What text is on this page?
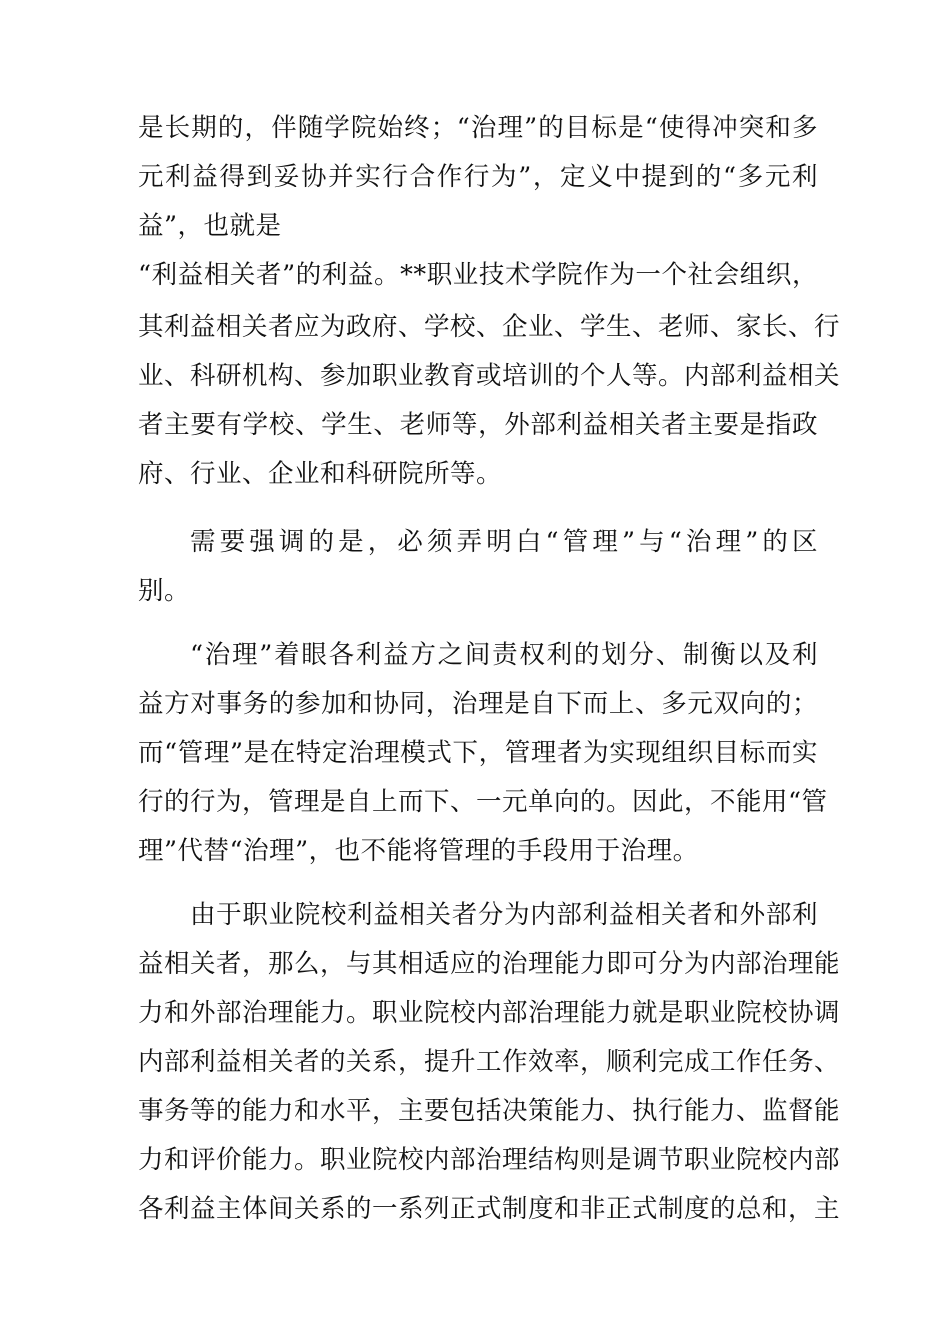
是长期的，伴随学院始终；“治理”的目标是“使得冲突和多
元利益得到妥协并实行合作行为”，定义中提到的“多元利
益”，也就是
“利益相关者”的利益。**职业技术学院作为一个社会组织，
其利益相关者应为政府、学校、企业、学生、老师、家长、行
业、科研机构、参加职业教育或培训的个人等。内部利益相关
者主要有学校、学生、老师等，外部利益相关者主要是指政
府、行业、企业和科研院所等。
需要强调的是，必须弄明白“管理”与“治理”的区
别。
“治理”着眼各利益方之间责权利的划分、制衡以及利
益方对事务的参加和协同，治理是自下而上、多元双向的；
而“管理”是在特定治理模式下，管理者为实现组织目标而实
行的行为，管理是自上而下、一元单向的。因此，不能用“管
理”代替“治理”，也不能将管理的手段用于治理。
由于职业院校利益相关者分为内部利益相关者和外部利
益相关者，那么，与其相适应的治理能力即可分为内部治理能
力和外部治理能力。职业院校内部治理能力就是职业院校协调
内部利益相关者的关系，提升工作效率，顺利完成工作任务、
事务等的能力和水平，主要包括决策能力、执行能力、监督能
力和评价能力。职业院校内部治理结构则是调节职业院校内部
各利益主体间关系的一系列正式制度和非正式制度的总和，主
